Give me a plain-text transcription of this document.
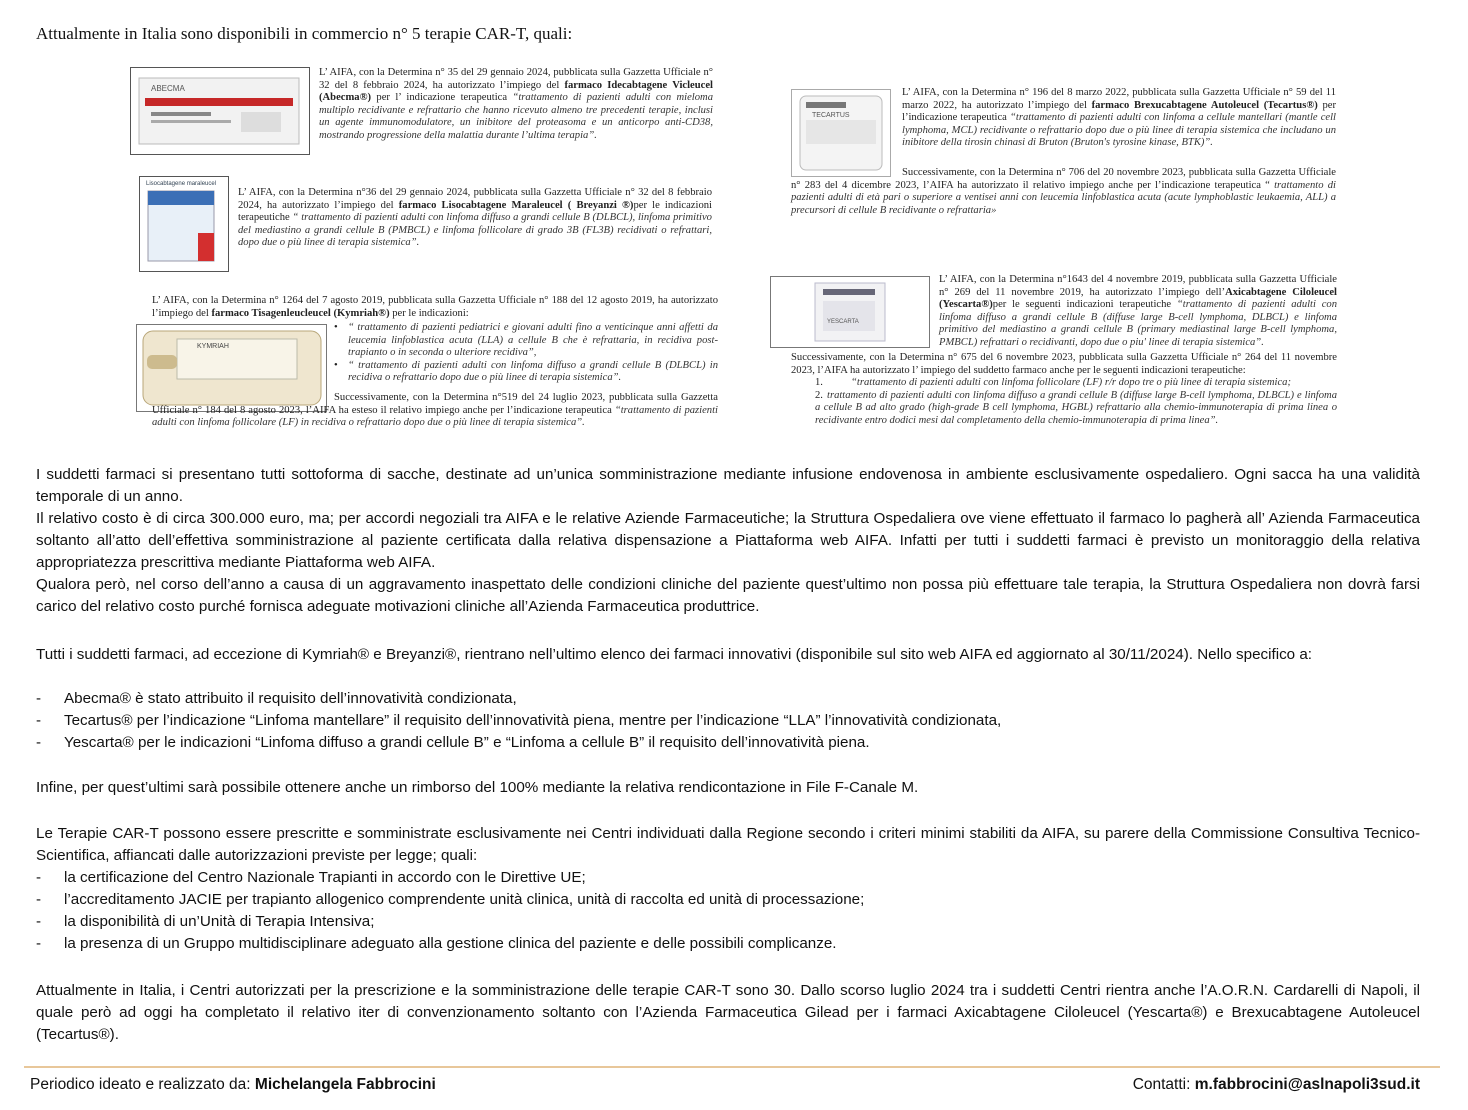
Attualmente in Italia sono disponibili in commercio n° 5 terapie CAR-T, quali:
ABECMA
L’ AIFA, con la Determina n° 35 del 29 gennaio 2024, pubblicata sulla Gazzetta Ufficiale n° 32 del 8 febbraio 2024, ha autorizzato l’impiego del farmaco Idecabtagene Vicleucel (Abecma®) per l’ indicazione terapeutica “trattamento di pazienti adulti con mieloma multiplo recidivante e refrattario che hanno ricevuto almeno tre precedenti terapie, inclusi un agente immunomodulatore, un inibitore del proteasoma e un anticorpo anti-CD38, mostrando progressione della malattia durante l’ultima terapia”.
Lisocabtagene maraleucel
L’ AIFA, con la Determina n°36 del 29 gennaio 2024, pubblicata sulla Gazzetta Ufficiale n° 32 del 8 febbraio 2024, ha autorizzato l’impiego del farmaco Lisocabtagene Maraleucel ( Breyanzi ®)per le indicazioni terapeutiche “ trattamento di pazienti adulti con linfoma diffuso a grandi cellule B (DLBCL), linfoma primitivo del mediastino a grandi cellule B (PMBCL) e linfoma follicolare di grado 3B (FL3B) recidivati o refrattari, dopo due o più linee di terapia sistemica”.
L’ AIFA, con la Determina n° 1264 del 7 agosto 2019, pubblicata sulla Gazzetta Ufficiale n° 188 del 12 agosto 2019, ha autorizzato l’impiego del farmaco Tisagenleucleucel (Kymriah®) per le indicazioni:
KYMRIAH
• “ trattamento di pazienti pediatrici e giovani adulti fino a venticinque anni affetti da leucemia linfoblastica acuta (LLA) a cellule B che è refrattaria, in recidiva post-trapianto o in seconda o ulteriore recidiva”,
• “ trattamento di pazienti adulti con linfoma diffuso a grandi cellule B (DLBCL) in recidiva o refrattario dopo due o più linee di terapia sistemica”.
Successivamente, con la Determina n°519 del 24 luglio 2023, pubblicata sulla Gazzetta Ufficiale n° 184 del 8 agosto 2023, l’AIFA ha esteso il relativo impiego anche per l’indicazione terapeutica “trattamento di pazienti adulti con linfoma follicolare (LF) in recidiva o refrattario dopo due o più linee di terapia sistemica”.
TECARTUS
L’ AIFA, con la Determina n° 196 del 8 marzo 2022, pubblicata sulla Gazzetta Ufficiale n° 59 del 11 marzo 2022, ha autorizzato l’impiego del farmaco Brexucabtagene Autoleucel (Tecartus®) per l’indicazione terapeutica “trattamento di pazienti adulti con linfoma a cellule mantellari (mantle cell lymphoma, MCL) recidivante o refrattario dopo due o più linee di terapia sistemica che includano un inibitore della tirosin chinasi di Bruton (Bruton's tyrosine kinase, BTK)”.
Successivamente, con la Determina n° 706 del 20 novembre 2023, pubblicata sulla Gazzetta Ufficiale n° 283 del 4 dicembre 2023, l’AIFA ha autorizzato il relativo impiego anche per l’indicazione terapeutica “ trattamento di pazienti adulti di età pari o superiore a ventisei anni con leucemia linfoblastica acuta (acute lymphoblastic leukaemia, ALL) a precursori di cellule B recidivante o refrattaria»
YESCARTA
L’ AIFA, con la Determina n°1643 del 4 novembre 2019, pubblicata sulla Gazzetta Ufficiale n° 269 del 11 novembre 2019, ha autorizzato l’impiego dell’Axicabtagene Ciloleucel (Yescarta®)per le seguenti indicazioni terapeutiche “trattamento di pazienti adulti con linfoma diffuso a grandi cellule B (diffuse large B-cell lymphoma, DLBCL) e linfoma primitivo del mediastino a grandi cellule B (primary mediastinal large B-cell lymphoma, PMBCL) refrattari o recidivanti, dopo due o piu' linee di terapia sistemica”.
Successivamente, con la Determina n° 675 del 6 novembre 2023, pubblicata sulla Gazzetta Ufficiale n° 264 del 11 novembre 2023, l’AIFA ha autorizzato l’ impiego del suddetto farmaco anche per le seguenti indicazioni terapeutiche:
1.	“trattamento di pazienti adulti con linfoma follicolare (LF) r/r dopo tre o più linee di terapia sistemica;
2. trattamento di pazienti adulti con linfoma diffuso a grandi cellule B (diffuse large B-cell lymphoma, DLBCL) e linfoma a cellule B ad alto grado (high-grade B cell lymphoma, HGBL) refrattario alla chemio-immunoterapia di prima linea o recidivante entro dodici mesi dal completamento della chemio-immunoterapia di prima linea”.
I suddetti farmaci si presentano tutti sottoforma di sacche, destinate ad un’unica somministrazione mediante infusione endovenosa in ambiente esclusivamente ospedaliero. Ogni sacca ha una validità temporale di un anno.
Il relativo costo è di circa 300.000 euro, ma; per accordi negoziali tra AIFA e le relative Aziende Farmaceutiche; la Struttura Ospedaliera ove viene effettuato il farmaco lo pagherà all’ Azienda Farmaceutica soltanto all’atto dell’effettiva somministrazione al paziente certificata dalla relativa dispensazione a Piattaforma web AIFA. Infatti per tutti i suddetti farmaci è previsto un monitoraggio della relativa appropriatezza prescrittiva mediante Piattaforma web AIFA.
Qualora però, nel corso dell’anno a causa di un aggravamento inaspettato delle condizioni cliniche del paziente quest’ultimo non possa più effettuare tale terapia, la Struttura Ospedaliera non dovrà farsi carico del relativo costo purché fornisca adeguate motivazioni cliniche all’Azienda Farmaceutica produttrice.
Tutti i suddetti farmaci, ad eccezione di Kymriah® e Breyanzi®, rientrano nell’ultimo elenco dei farmaci innovativi (disponibile sul sito web AIFA ed aggiornato al 30/11/2024). Nello specifico a:
- Abecma® è stato attribuito il requisito dell’innovatività condizionata,
- Tecartus® per l’indicazione “Linfoma mantellare” il requisito dell’innovatività piena, mentre per l’indicazione “LLA” l’innovatività condizionata,
- Yescarta® per le indicazioni “Linfoma diffuso a grandi cellule B” e “Linfoma a cellule B” il requisito dell’innovatività piena.
Infine, per quest’ultimi sarà possibile ottenere anche un rimborso del 100% mediante la relativa rendicontazione in File F-Canale M.
Le Terapie CAR-T possono essere prescritte e somministrate esclusivamente nei Centri individuati dalla Regione secondo i criteri minimi stabiliti da AIFA, su parere della Commissione Consultiva Tecnico-Scientifica, affiancati dalle autorizzazioni previste per legge; quali:
- la certificazione del Centro Nazionale Trapianti in accordo con le Direttive UE;
- l’accreditamento JACIE per trapianto allogenico comprendente unità clinica, unità di raccolta ed unità di processazione;
- la disponibilità di un’Unità di Terapia Intensiva;
- la presenza di un Gruppo multidisciplinare adeguato alla gestione clinica del paziente e delle possibili complicanze.
Attualmente in Italia, i Centri autorizzati per la prescrizione e la somministrazione delle terapie CAR-T sono 30. Dallo scorso luglio 2024 tra i suddetti Centri rientra anche l’A.O.R.N. Cardarelli di Napoli, il quale però ad oggi ha completato il relativo iter di convenzionamento soltanto con l’Azienda Farmaceutica Gilead per i farmaci Axicabtagene Ciloleucel (Yescarta®) e Brexucabtagene Autoleucel (Tecartus®).
Periodico ideato e realizzato da: Michelangela Fabbrocini	Contatti: m.fabbrocini@aslnapoli3sud.it
